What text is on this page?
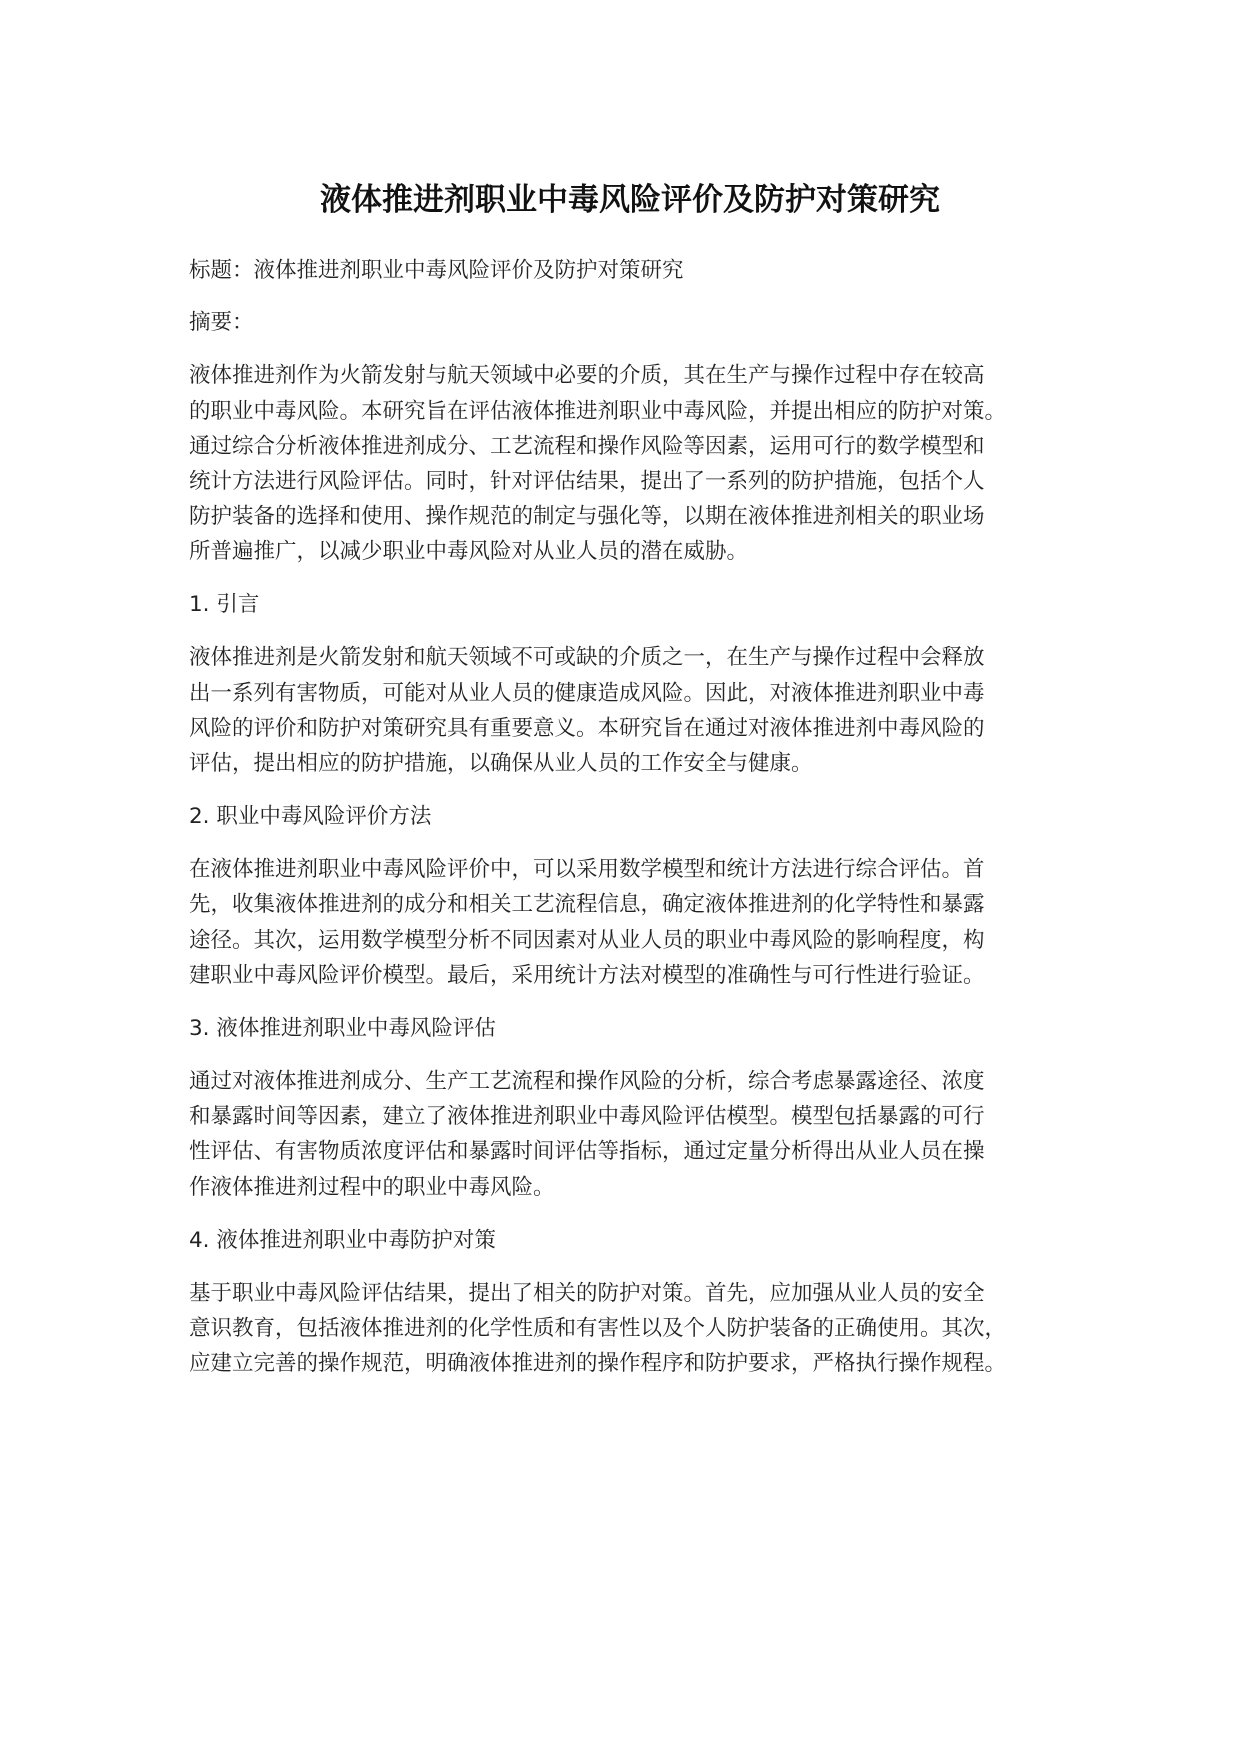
液体推进剂职业中毒风险评价及防护对策研究

标题：液体推进剂职业中毒风险评价及防护对策研究

摘要：

液体推进剂作为火箭发射与航天领域中必要的介质，其在生产与操作过程中存在较高

的职业中毒风险。本研究旨在评估液体推进剂职业中毒风险，并提出相应的防护对策。

通过综合分析液体推进剂成分、工艺流程和操作风险等因素，运用可行的数学模型和

统计方法进行风险评估。同时，针对评估结果，提出了一系列的防护措施，包括个人

防护装备的选择和使用、操作规范的制定与强化等，以期在液体推进剂相关的职业场

所普遍推广，以减少职业中毒风险对从业人员的潜在威胁。

1. 引言

液体推进剂是火箭发射和航天领域不可或缺的介质之一，在生产与操作过程中会释放

出一系列有害物质，可能对从业人员的健康造成风险。因此，对液体推进剂职业中毒

风险的评价和防护对策研究具有重要意义。本研究旨在通过对液体推进剂中毒风险的

评估，提出相应的防护措施，以确保从业人员的工作安全与健康。

2. 职业中毒风险评价方法

在液体推进剂职业中毒风险评价中，可以采用数学模型和统计方法进行综合评估。首

先，收集液体推进剂的成分和相关工艺流程信息，确定液体推进剂的化学特性和暴露

途径。其次，运用数学模型分析不同因素对从业人员的职业中毒风险的影响程度，构

建职业中毒风险评价模型。最后，采用统计方法对模型的准确性与可行性进行验证。

3. 液体推进剂职业中毒风险评估

通过对液体推进剂成分、生产工艺流程和操作风险的分析，综合考虑暴露途径、浓度

和暴露时间等因素，建立了液体推进剂职业中毒风险评估模型。模型包括暴露的可行

性评估、有害物质浓度评估和暴露时间评估等指标，通过定量分析得出从业人员在操

作液体推进剂过程中的职业中毒风险。

4. 液体推进剂职业中毒防护对策

基于职业中毒风险评估结果，提出了相关的防护对策。首先，应加强从业人员的安全

意识教育，包括液体推进剂的化学性质和有害性以及个人防护装备的正确使用。其次，

应建立完善的操作规范，明确液体推进剂的操作程序和防护要求，严格执行操作规程。
